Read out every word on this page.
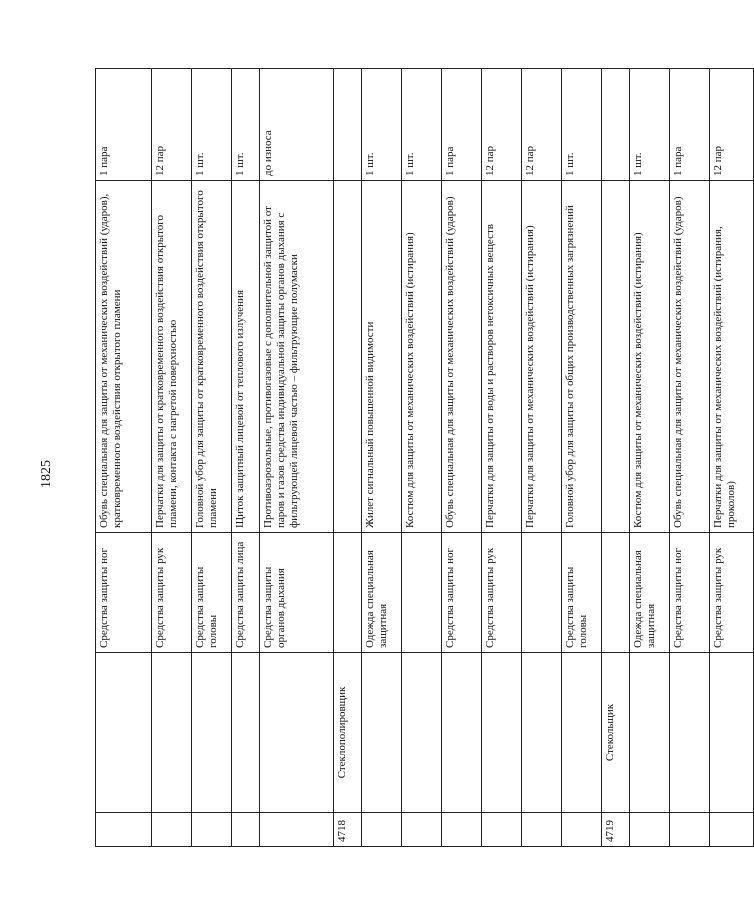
1825
		Средства защиты ног	Обувь специальная для защиты от механических воздействий (ударов), кратковременного воздействия открытого пламени	1 пара
		Средства защиты рук	Перчатки для защиты от кратковременного воздействия открытого пламени, контакта с нагретой поверхностью	12 пар
		Средства защиты головы	Головной убор для защиты от кратковременного воздействия открытого пламени	1 шт.
		Средства защиты лица	Щиток защитный лицевой от теплового излучения	1 шт.
		Средства защиты органов дыхания	Противоаэрозольные, противогазовые с дополнительной защитой от паров и газов средства индивидуальной защиты органов дыхания с фильтрующей лицевой частью – фильтрующие полумаски	до износа
4718	Стеклополировщик			
		Одежда специальная защитная	Жилет сигнальный повышенной видимости	1 шт.
			Костюм для защиты от механических воздействий (истирания)	1 шт.
		Средства защиты ног	Обувь специальная для защиты от механических воздействий (ударов)	1 пара
		Средства защиты рук	Перчатки для защиты от воды и растворов нетоксичных веществ	12 пар
			Перчатки для защиты от механических воздействий (истирания)	12 пар
		Средства защиты головы	Головной убор для защиты от общих производственных загрязнений	1 шт.
4719	Стекольщик			
		Одежда специальная защитная	Костюм для защиты от механических воздействий (истирания)	1 шт.
		Средства защиты ног	Обувь специальная для защиты от механических воздействий (ударов)	1 пара
		Средства защиты рук	Перчатки для защиты от механических воздействий (истирания, проколов)	12 пар
